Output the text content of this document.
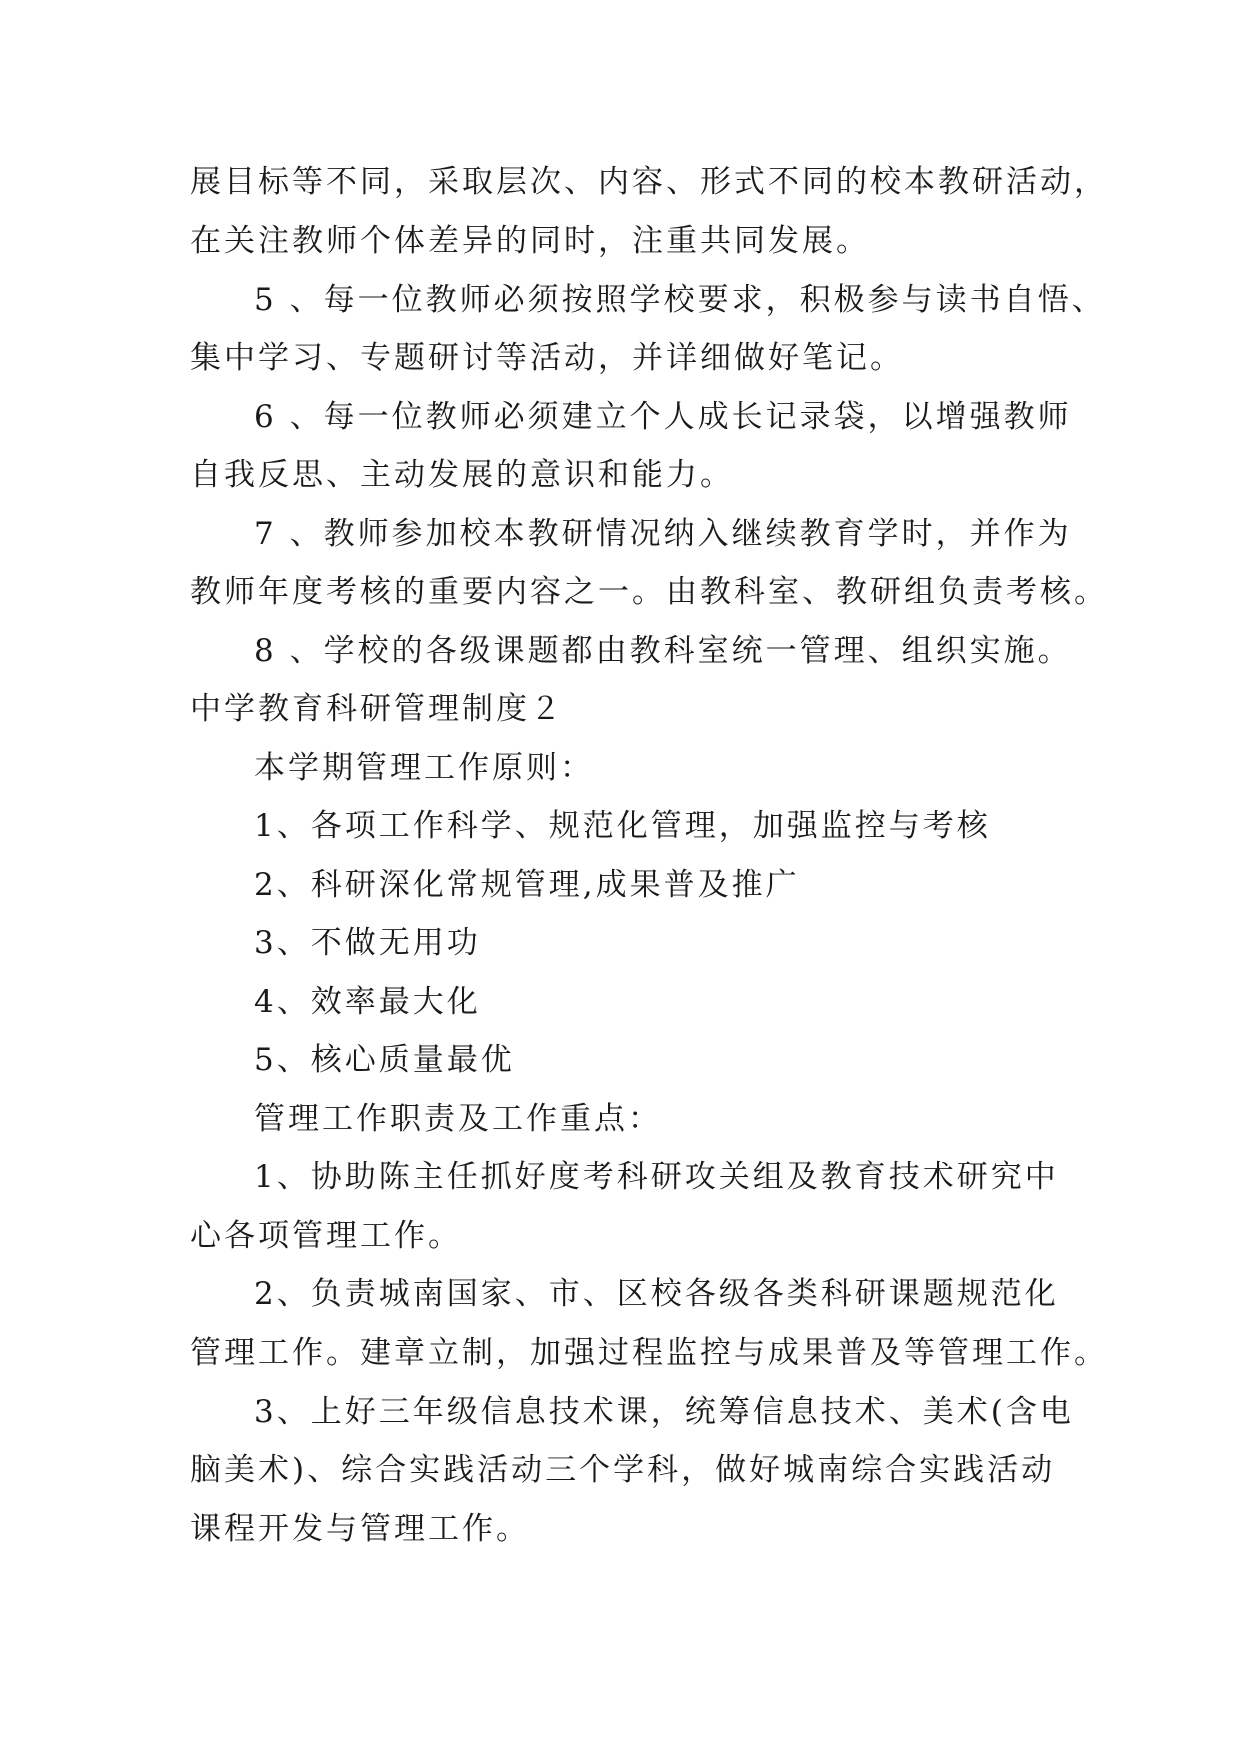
展目标等不同，采取层次、内容、形式不同的校本教研活动，

在关注教师个体差异的同时，注重共同发展。

5 、每一位教师必须按照学校要求，积极参与读书自悟、

集中学习、专题研讨等活动，并详细做好笔记。

6 、每一位教师必须建立个人成长记录袋，以增强教师

自我反思、主动发展的意识和能力。

7 、教师参加校本教研情况纳入继续教育学时，并作为

教师年度考核的重要内容之一。由教科室、教研组负责考核。

8 、学校的各级课题都由教科室统一管理、组织实施。

中学教育科研管理制度２

本学期管理工作原则：

1、各项工作科学、规范化管理，加强监控与考核

2、科研深化常规管理,成果普及推广

3、不做无用功

4、效率最大化

5、核心质量最优

管理工作职责及工作重点：

1、协助陈主任抓好度考科研攻关组及教育技术研究中

心各项管理工作。

2、负责城南国家、市、区校各级各类科研课题规范化

管理工作。建章立制，加强过程监控与成果普及等管理工作。

3、上好三年级信息技术课，统筹信息技术、美术(含电

脑美术)、综合实践活动三个学科，做好城南综合实践活动

课程开发与管理工作。
